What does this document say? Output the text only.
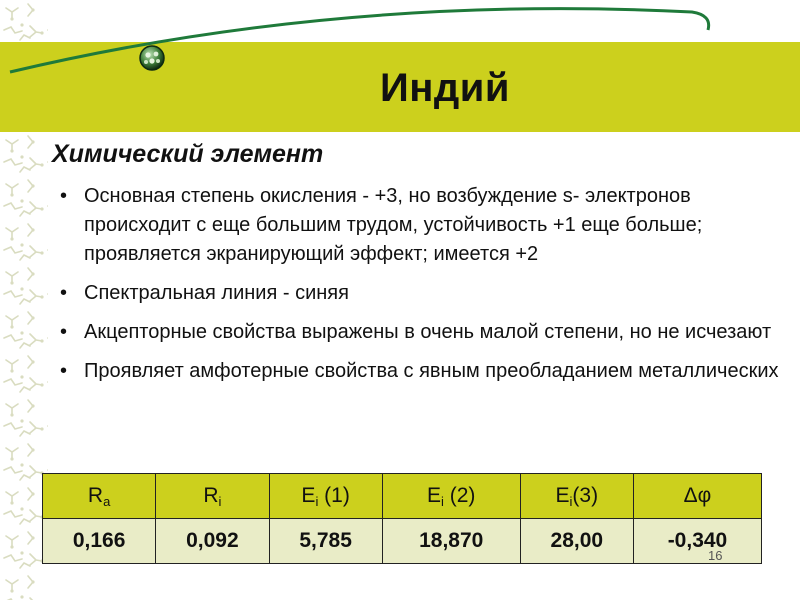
Индий
Химический элемент
• Основная степень окисления - +3, но возбуждение s- электронов происходит с еще большим трудом, устойчивость +1 еще больше; проявляется экранирующий эффект; имеется +2
• Спектральная линия - синяя
• Акцепторные свойства выражены в очень малой степени, но не исчезают
• Проявляет амфотерные свойства с явным преобладанием металлических
$R_a$	$R_i$	$E_i$ (1)	$E_i$ (2)	$E_i(3)$	Δφ
0,166	0,092	5,785	18,870	28,00	-0,340
16
